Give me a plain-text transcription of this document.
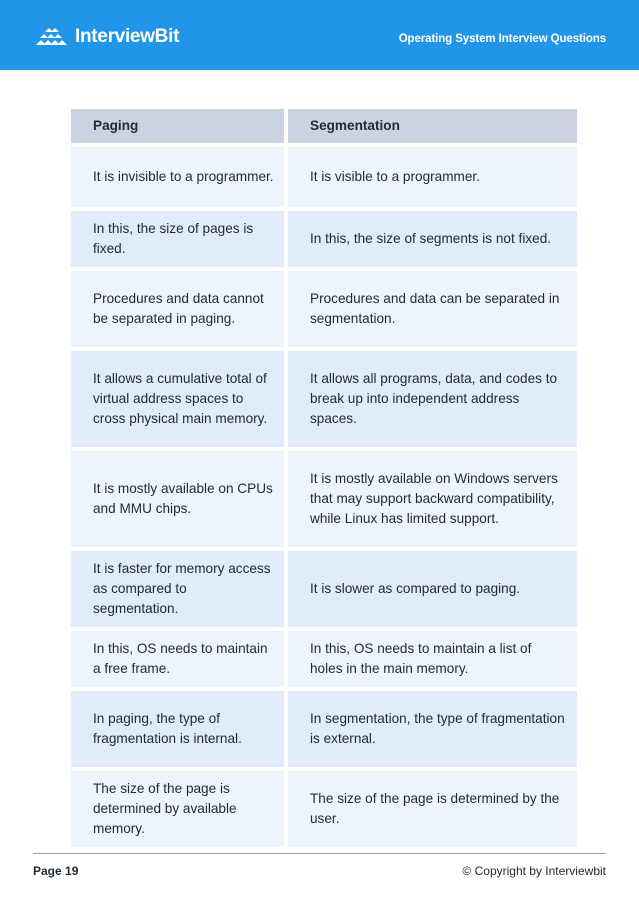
InterviewBit	Operating System Interview Questions
Paging	Segmentation
It is invisible to a programmer.	It is visible to a programmer.
In this, the size of pages is fixed.	In this, the size of segments is not fixed.
Procedures and data cannot be separated in paging.	Procedures and data can be separated in segmentation.
It allows a cumulative total of virtual address spaces to cross physical main memory.	It allows all programs, data, and codes to break up into independent address spaces.
It is mostly available on CPUs and MMU chips.	It is mostly available on Windows servers that may support backward compatibility, while Linux has limited support.
It is faster for memory access as compared to segmentation.	It is slower as compared to paging.
In this, OS needs to maintain a free frame.	In this, OS needs to maintain a list of holes in the main memory.
In paging, the type of fragmentation is internal.	In segmentation, the type of fragmentation is external.
The size of the page is determined by available memory.	The size of the page is determined by the user.
Page 19	© Copyright by Interviewbit
